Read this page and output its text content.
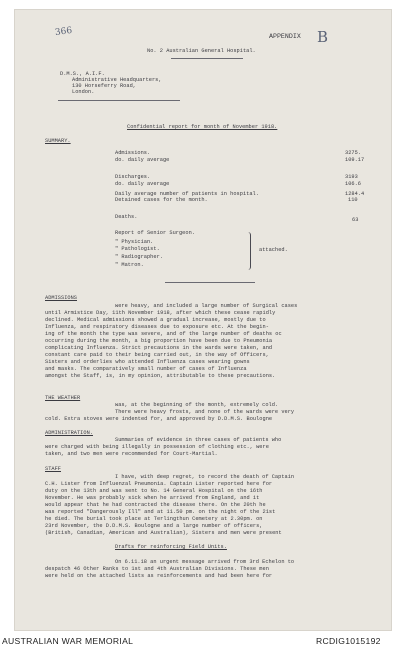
366	APPENDIX B
No. 2 Australian General Hospital.
D.M.S., A.I.F.
Administrative Headquarters,
130 Horseferry Road,
London.
Confidential report for month of November 1918.
SUMMARY.
Admissions.	3275.
do. daily average	109.17
Discharges.	3193
do. daily average	106.6
Daily average number of patients in hospital.	1284.4
Detained cases for the month.	110
Deaths.	63
Report of Senior Surgeon.
" Physician.
" Pathologist.
" Radiographer.
" Matron.
attached.
ADMISSIONS
were heavy, and included a large number of Surgical cases
until Armistice Day, 11th November 1918, after which these cease rapidly
declined. Medical admissions showed a gradual increase, mostly due to
Influenza, and respiratory diseases due to exposure etc. At the begin-
ing of the month the type was severe, and of the large number of deaths oc
occurring during the month, a big proportion have been due to Pneumonia
complicating Influenza. Strict precautions in the wards were taken, and
constant care paid to their being carried out, in the way of Officers,
Sisters and orderlies who attended Influenza cases wearing gowns
and masks. The comparatively small number of cases of Influenza
amongst the Staff, is, in my opinion, attributable to these precautions.
THE WEATHER
was, at the beginning of the month, extremely cold.
There were heavy frosts, and none of the wards were very
cold. Extra stoves were indented for, and approved by D.D.M.S. Boulogne
ADMINISTRATION.
Summaries of evidence in three cases of patients who
were charged with being illegally in possession of clothing etc., were
taken, and two men were recommended for Court-Martial.
STAFF
I have, with deep regret, to record the death of Captain
C.H. Lister from Influenzal Pneumonia. Captain Lister reported here for
duty on the 13th and was sent to No. 14 General Hospital on the 16th
November. He was probably sick when he arrived from England, and it
would appear that he had contracted the disease there. On the 20th he
was reported "Dangerously Ill" and at 11.50 pm. on the night of the 21st
he died. The burial took place at Terlingthun Cemetery at 2.30pm. on
23rd November, the D.D.M.S. Boulogne and a large number of officers,
(British, Canadian, American and Australian), Sisters and men were present
Drafts for reinforcing Field Units.
On 6.11.18 an urgent message arrived from 3rd Echelon to
despatch 46 Other Ranks to 1st and 4th Australian Divisions. These men
were held on the attached lists as reinforcements and had been here for
AUSTRALIAN WAR MEMORIAL	RCDIG1015192
